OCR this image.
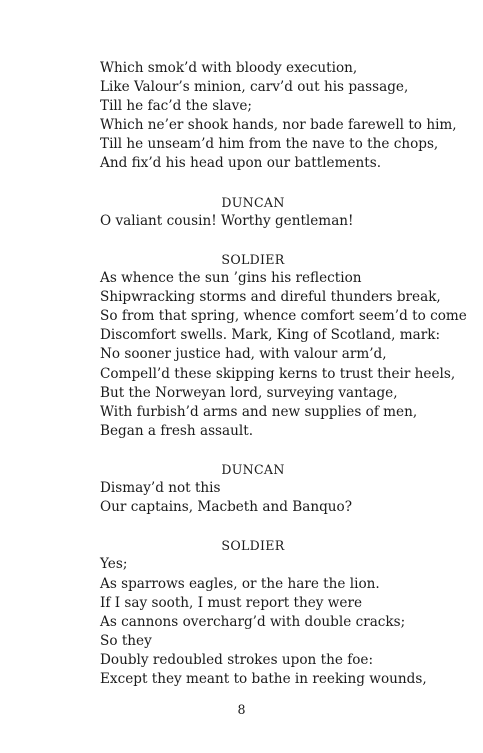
Which smok’d with bloody execution,
Like Valour’s minion, carv’d out his passage,
Till he fac’d the slave;
Which ne’er shook hands, nor bade farewell to him,
Till he unseam’d him from the nave to the chops,
And fix’d his head upon our battlements.
DUNCAN
O valiant cousin! Worthy gentleman!
SOLDIER
As whence the sun ’gins his reflection
Shipwracking storms and direful thunders break,
So from that spring, whence comfort seem’d to come
Discomfort swells. Mark, King of Scotland, mark:
No sooner justice had, with valour arm’d,
Compell’d these skipping kerns to trust their heels,
But the Norweyan lord, surveying vantage,
With furbish’d arms and new supplies of men,
Began a fresh assault.
DUNCAN
Dismay’d not this
Our captains, Macbeth and Banquo?
SOLDIER
Yes;
As sparrows eagles, or the hare the lion.
If I say sooth, I must report they were
As cannons overcharg’d with double cracks;
So they
Doubly redoubled strokes upon the foe:
Except they meant to bathe in reeking wounds,
8
